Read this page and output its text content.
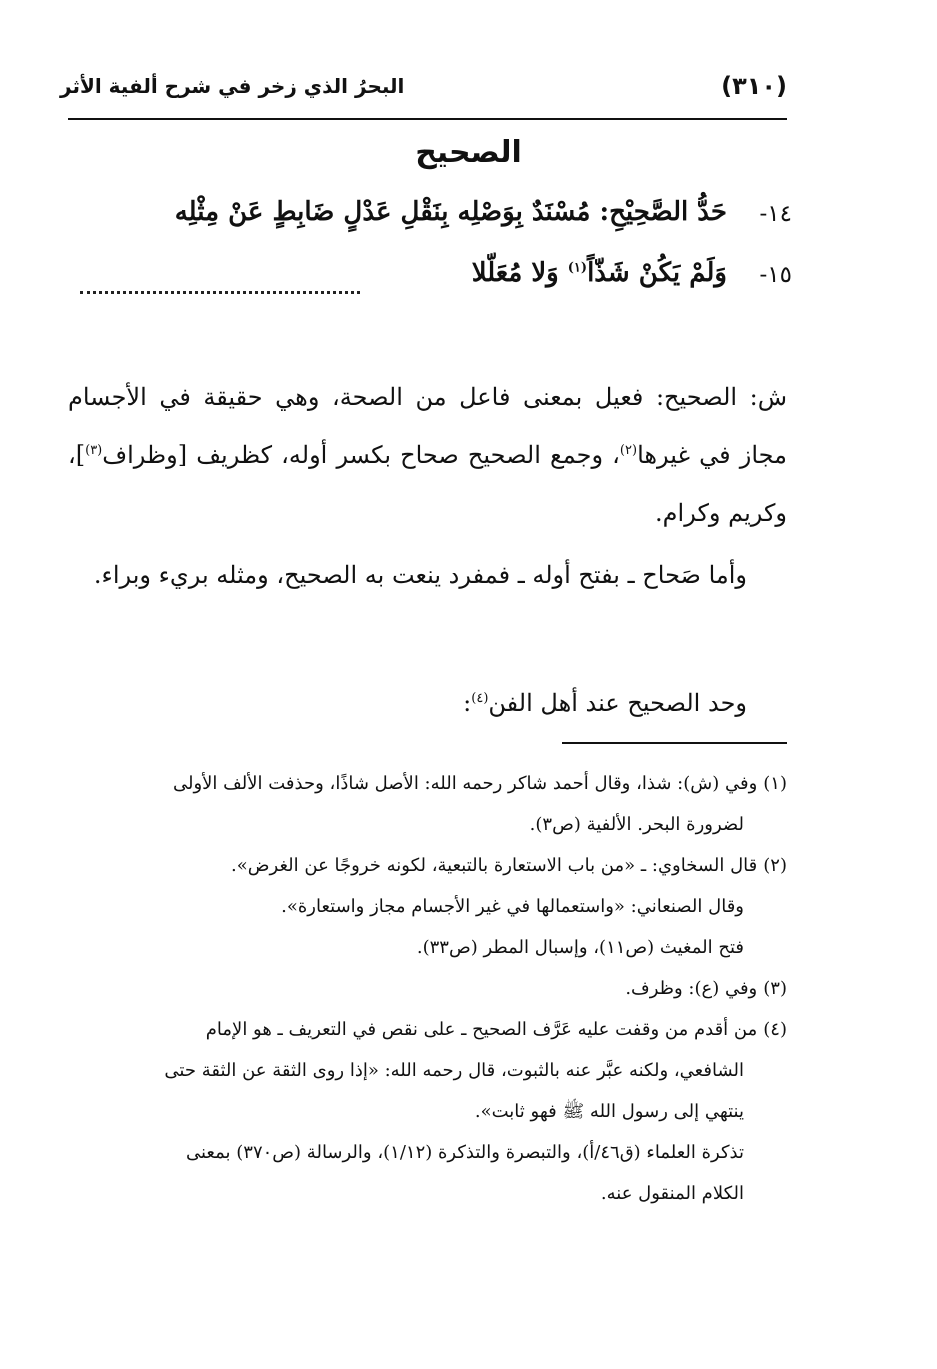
(٣١٠)
البحرُ الذي زخر في شرح ألفية الأثر
الصحيح
١٤-
حَدُّ الصَّحِيْحِ: مُسْنَدٌ بِوَصْلِه بِنَقْلِ عَدْلٍ ضَابِطٍ عَنْ مِثْلِه
١٥-
وَلَمْ يَكُنْ شَذّاً$^{(١)}$ وَلا مُعَلّلا

ش: الصحيح: فعيل بمعنى فاعل من الصحة، وهي حقيقة في الأجسام مجاز في غيرها$^{(٢)}$، وجمع الصحيح صحاح بكسر أوله، كظريف [وظراف$^{(٣)}$]، وكريم وكرام.

وأما صَحاح ـ بفتح أوله ـ فمفرد ينعت به الصحيح، ومثله بريء وبراء.

وحد الصحيح عند أهل الفن$^{(٤)}$:

(١)وفي (ش): شذا، وقال أحمد شاكر رحمه الله: الأصل شاذًا، وحذفت الألف الأولى
لضرورة البحر. الألفية (ص٣).
(٢)قال السخاوي: ـ «من باب الاستعارة بالتبعية، لكونه خروجًا عن الغرض».
وقال الصنعاني: «واستعمالها في غير الأجسام مجاز واستعارة».
فتح المغيث (ص١١)، وإسبال المطر (ص٣٣).
(٣)وفي (ع): وظرف.
(٤)من أقدم من وقفت عليه عَرَّف الصحيح ـ على نقص في التعريف ـ هو الإمام
الشافعي، ولكنه عبَّر عنه بالثبوت، قال رحمه الله: «إذا روى الثقة عن الثقة حتى
ينتهي إلى رسول الله ﷺ فهو ثابت».
تذكرة العلماء (ق٤٦/أ)، والتبصرة والتذكرة (١/١٢)، والرسالة (ص٣٧٠) بمعنى
الكلام المنقول عنه.
